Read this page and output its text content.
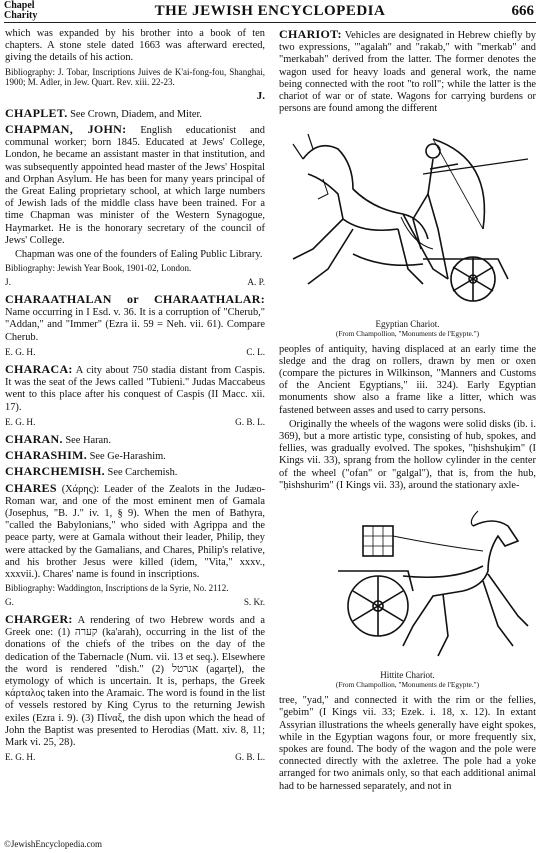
Chapel
Charity	THE JEWISH ENCYCLOPEDIA	666

which was expanded by his brother into a book of ten chapters. A stone stele dated 1663 was afterward erected, giving the details of his action.

Bibliography: J. Tobar, Inscriptions Juives de K'ai-fong-fou, Shanghai, 1900; M. Adler, in Jew. Quart. Rev. xiii. 22-23.

J.

CHAPLET. See Crown, Diadem, and Miter.

CHAPMAN, JOHN: English educationist and communal worker; born 1845. Educated at Jews' College, London, he became an assistant master in that institution, and was subsequently appointed head master of the Jews' Hospital and Orphan Asylum. He has been for many years principal of the Great Ealing proprietary school, at which large numbers of Jewish lads of the middle class have been trained. For a time Chapman was minister of the Western Synagogue, Haymarket. He is the honorary secretary of the council of Jews' College.

Chapman was one of the founders of Ealing Public Library.

Bibliography: Jewish Year Book, 1901-02, London.

J.	A. P.

CHARAATHALAN or CHARAATHALAR: Name occurring in I Esd. v. 36. It is a corruption of "Cherub," "Addan," and "Immer" (Ezra ii. 59 = Neh. vii. 61). Compare Cherub.

E. G. H.	C. L.

CHARACA: A city about 750 stadia distant from Caspis. It was the seat of the Jews called "Tubieni." Judas Maccabeus went to this place after his conquest of Caspis (II Macc. xii. 17).

E. G. H.	G. B. L.

CHARAN. See Haran.

CHARASHIM. See Ge-Harashim.

CHARCHEMISH. See Carchemish.

CHARES (Χάρης): Leader of the Zealots in the Judæo-Roman war, and one of the most eminent men of Gamala (Josephus, "B. J." iv. 1, § 9). When the men of Bathyra, "called the Babylonians," who sided with Agrippa and the peace party, were at Gamala without their leader, Philip, they were attacked by the Gamalians, and Chares, Philip's relative, and his brother Jesus were killed (idem, "Vita," xxxv., xxxvii.). Chares' name is found in inscriptions.

Bibliography: Waddington, Inscriptions de la Syrie, No. 2112.

G.	S. Kr.

CHARGER: A rendering of two Hebrew words and a Greek one: (1) קערה (ka'arah), occurring in the list of the donations of the chiefs of the tribes on the day of the dedication of the Tabernacle (Num. vii. 13 et seq.). Elsewhere the word is rendered "dish." (2) אגרטל (agarṭel), the etymology of which is uncertain. It is, perhaps, the Greek κάρταλος taken into the Aramaic. The word is found in the list of vessels restored by King Cyrus to the returning Jewish exiles (Ezra i. 9). (3) Πίναξ, the dish upon which the head of John the Baptist was presented to Herodias (Matt. xiv. 8, 11; Mark vi. 25, 28).

E. G. H.	G. B. L.

CHARIOT: Vehicles are designated in Hebrew chiefly by two expressions, "'agalah" and "rakab," with "merkab" and "merkabah" derived from the latter. The former denotes the wagon used for heavy loads and general work, the name being connected with the root "to roll"; while the latter is the chariot of war or of state. Wagons for carrying burdens or persons are found among the different

Egyptian Chariot.
(From Champollion, "Monuments de l'Egypte.")

peoples of antiquity, having displaced at an early time the sledge and the drag on rollers, drawn by men or oxen (compare the pictures in Wilkinson, "Manners and Customs of the Ancient Egyptians," iii. 324). Early Egyptian monuments show also a frame like a litter, which was fastened between asses and used to carry persons.

Originally the wheels of the wagons were solid disks (ib. i. 369), but a more artistic type, consisting of hub, spokes, and fellies, was gradually evolved. The spokes, "ḥishshuḳim" (I Kings vii. 33), sprang from the hollow cylinder in the center of the wheel ("ofan" or "galgal"), that is, from the hub, "ḥishshurim" (I Kings vii. 33), around the stationary axle-

Hittite Chariot.
(From Champollion, "Monuments de l'Egypte.")

tree, "yad," and connected it with the rim or the fellies, "gebim" (I Kings vii. 33; Ezek. i. 18, x. 12). In extant Assyrian illustrations the wheels generally have eight spokes, while in the Egyptian wagons four, or more frequently six, spokes are found. The body of the wagon and the pole were connected directly with the axletree. The pole had a yoke arranged for two animals only, so that each additional animal had to be harnessed separately, and not in

©JewishEncyclopedia.com
